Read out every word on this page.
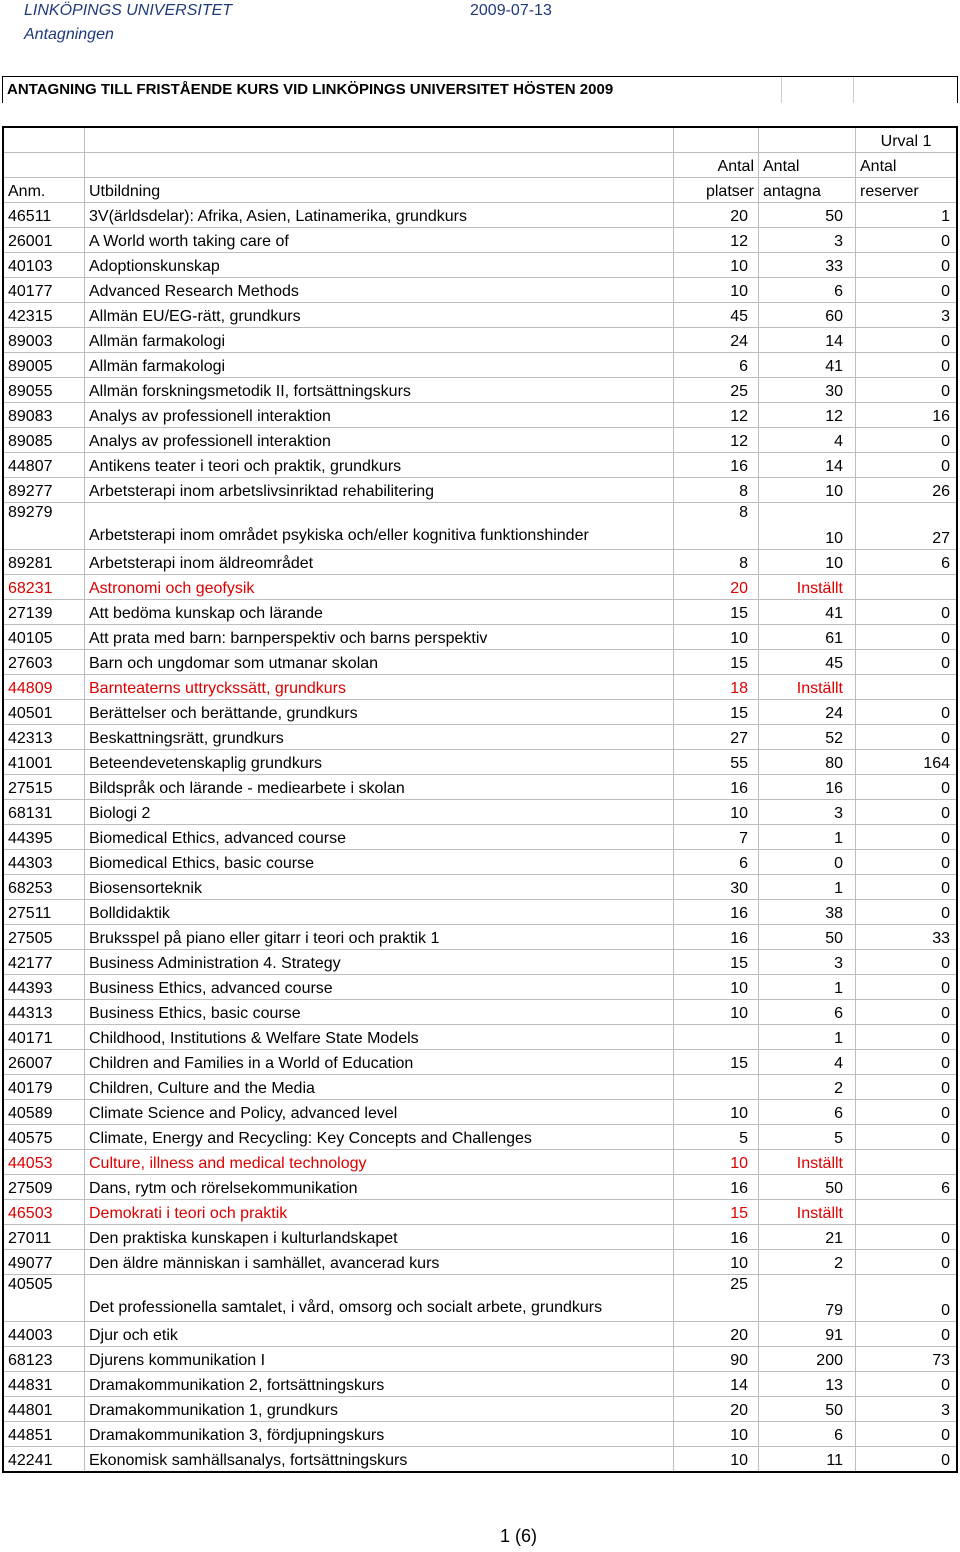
LINKÖPINGS UNIVERSITET
Antagningen
2009-07-13
ANTAGNING TILL FRISTÅENDE KURS VID LINKÖPINGS UNIVERSITET HÖSTEN 2009
				Urval 1
		Antal	Antal	Antal
Anm.	Utbildning	platser	antagna	reserver
46511	3V(ärldsdelar): Afrika, Asien, Latinamerika, grundkurs	20	50	1
26001	A World worth taking care of	12	3	0
40103	Adoptionskunskap	10	33	0
40177	Advanced Research Methods	10	6	0
42315	Allmän EU/EG-rätt, grundkurs	45	60	3
89003	Allmän farmakologi	24	14	0
89005	Allmän farmakologi	6	41	0
89055	Allmän forskningsmetodik II, fortsättningskurs	25	30	0
89083	Analys av professionell interaktion	12	12	16
89085	Analys av professionell interaktion	12	4	0
44807	Antikens teater i teori och praktik, grundkurs	16	14	0
89277	Arbetsterapi inom arbetslivsinriktad rehabilitering	8	10	26
89279	Arbetsterapi inom området psykiska och/eller kognitiva funktionshinder	8	10	27
89281	Arbetsterapi inom äldreområdet	8	10	6
68231	Astronomi och geofysik	20	Inställt	
27139	Att bedöma kunskap och lärande	15	41	0
40105	Att prata med barn: barnperspektiv och barns perspektiv	10	61	0
27603	Barn och ungdomar som utmanar skolan	15	45	0
44809	Barnteaterns uttryckssätt, grundkurs	18	Inställt	
40501	Berättelser och berättande, grundkurs	15	24	0
42313	Beskattningsrätt, grundkurs	27	52	0
41001	Beteendevetenskaplig grundkurs	55	80	164
27515	Bildspråk och lärande - mediearbete i skolan	16	16	0
68131	Biologi 2	10	3	0
44395	Biomedical Ethics, advanced course	7	1	0
44303	Biomedical Ethics, basic course	6	0	0
68253	Biosensorteknik	30	1	0
27511	Bolldidaktik	16	38	0
27505	Bruksspel på piano eller gitarr i teori och praktik 1	16	50	33
42177	Business Administration 4. Strategy	15	3	0
44393	Business Ethics, advanced course	10	1	0
44313	Business Ethics, basic course	10	6	0
40171	Childhood, Institutions & Welfare State Models		1	0
26007	Children and Families in a World of Education	15	4	0
40179	Children, Culture and the Media		2	0
40589	Climate Science and Policy, advanced level	10	6	0
40575	Climate, Energy and Recycling: Key Concepts and Challenges	5	5	0
44053	Culture, illness and medical technology	10	Inställt	
27509	Dans, rytm och rörelsekommunikation	16	50	6
46503	Demokrati i teori och praktik	15	Inställt	
27011	Den praktiska kunskapen i kulturlandskapet	16	21	0
49077	Den äldre människan i samhället, avancerad kurs	10	2	0
40505	Det professionella samtalet, i vård, omsorg och socialt arbete, grundkurs	25	79	0
44003	Djur och etik	20	91	0
68123	Djurens kommunikation I	90	200	73
44831	Dramakommunikation 2, fortsättningskurs	14	13	0
44801	Dramakommunikation 1, grundkurs	20	50	3
44851	Dramakommunikation 3, fördjupningskurs	10	6	0
42241	Ekonomisk samhällsanalys, fortsättningskurs	10	11	0
1 (6)
